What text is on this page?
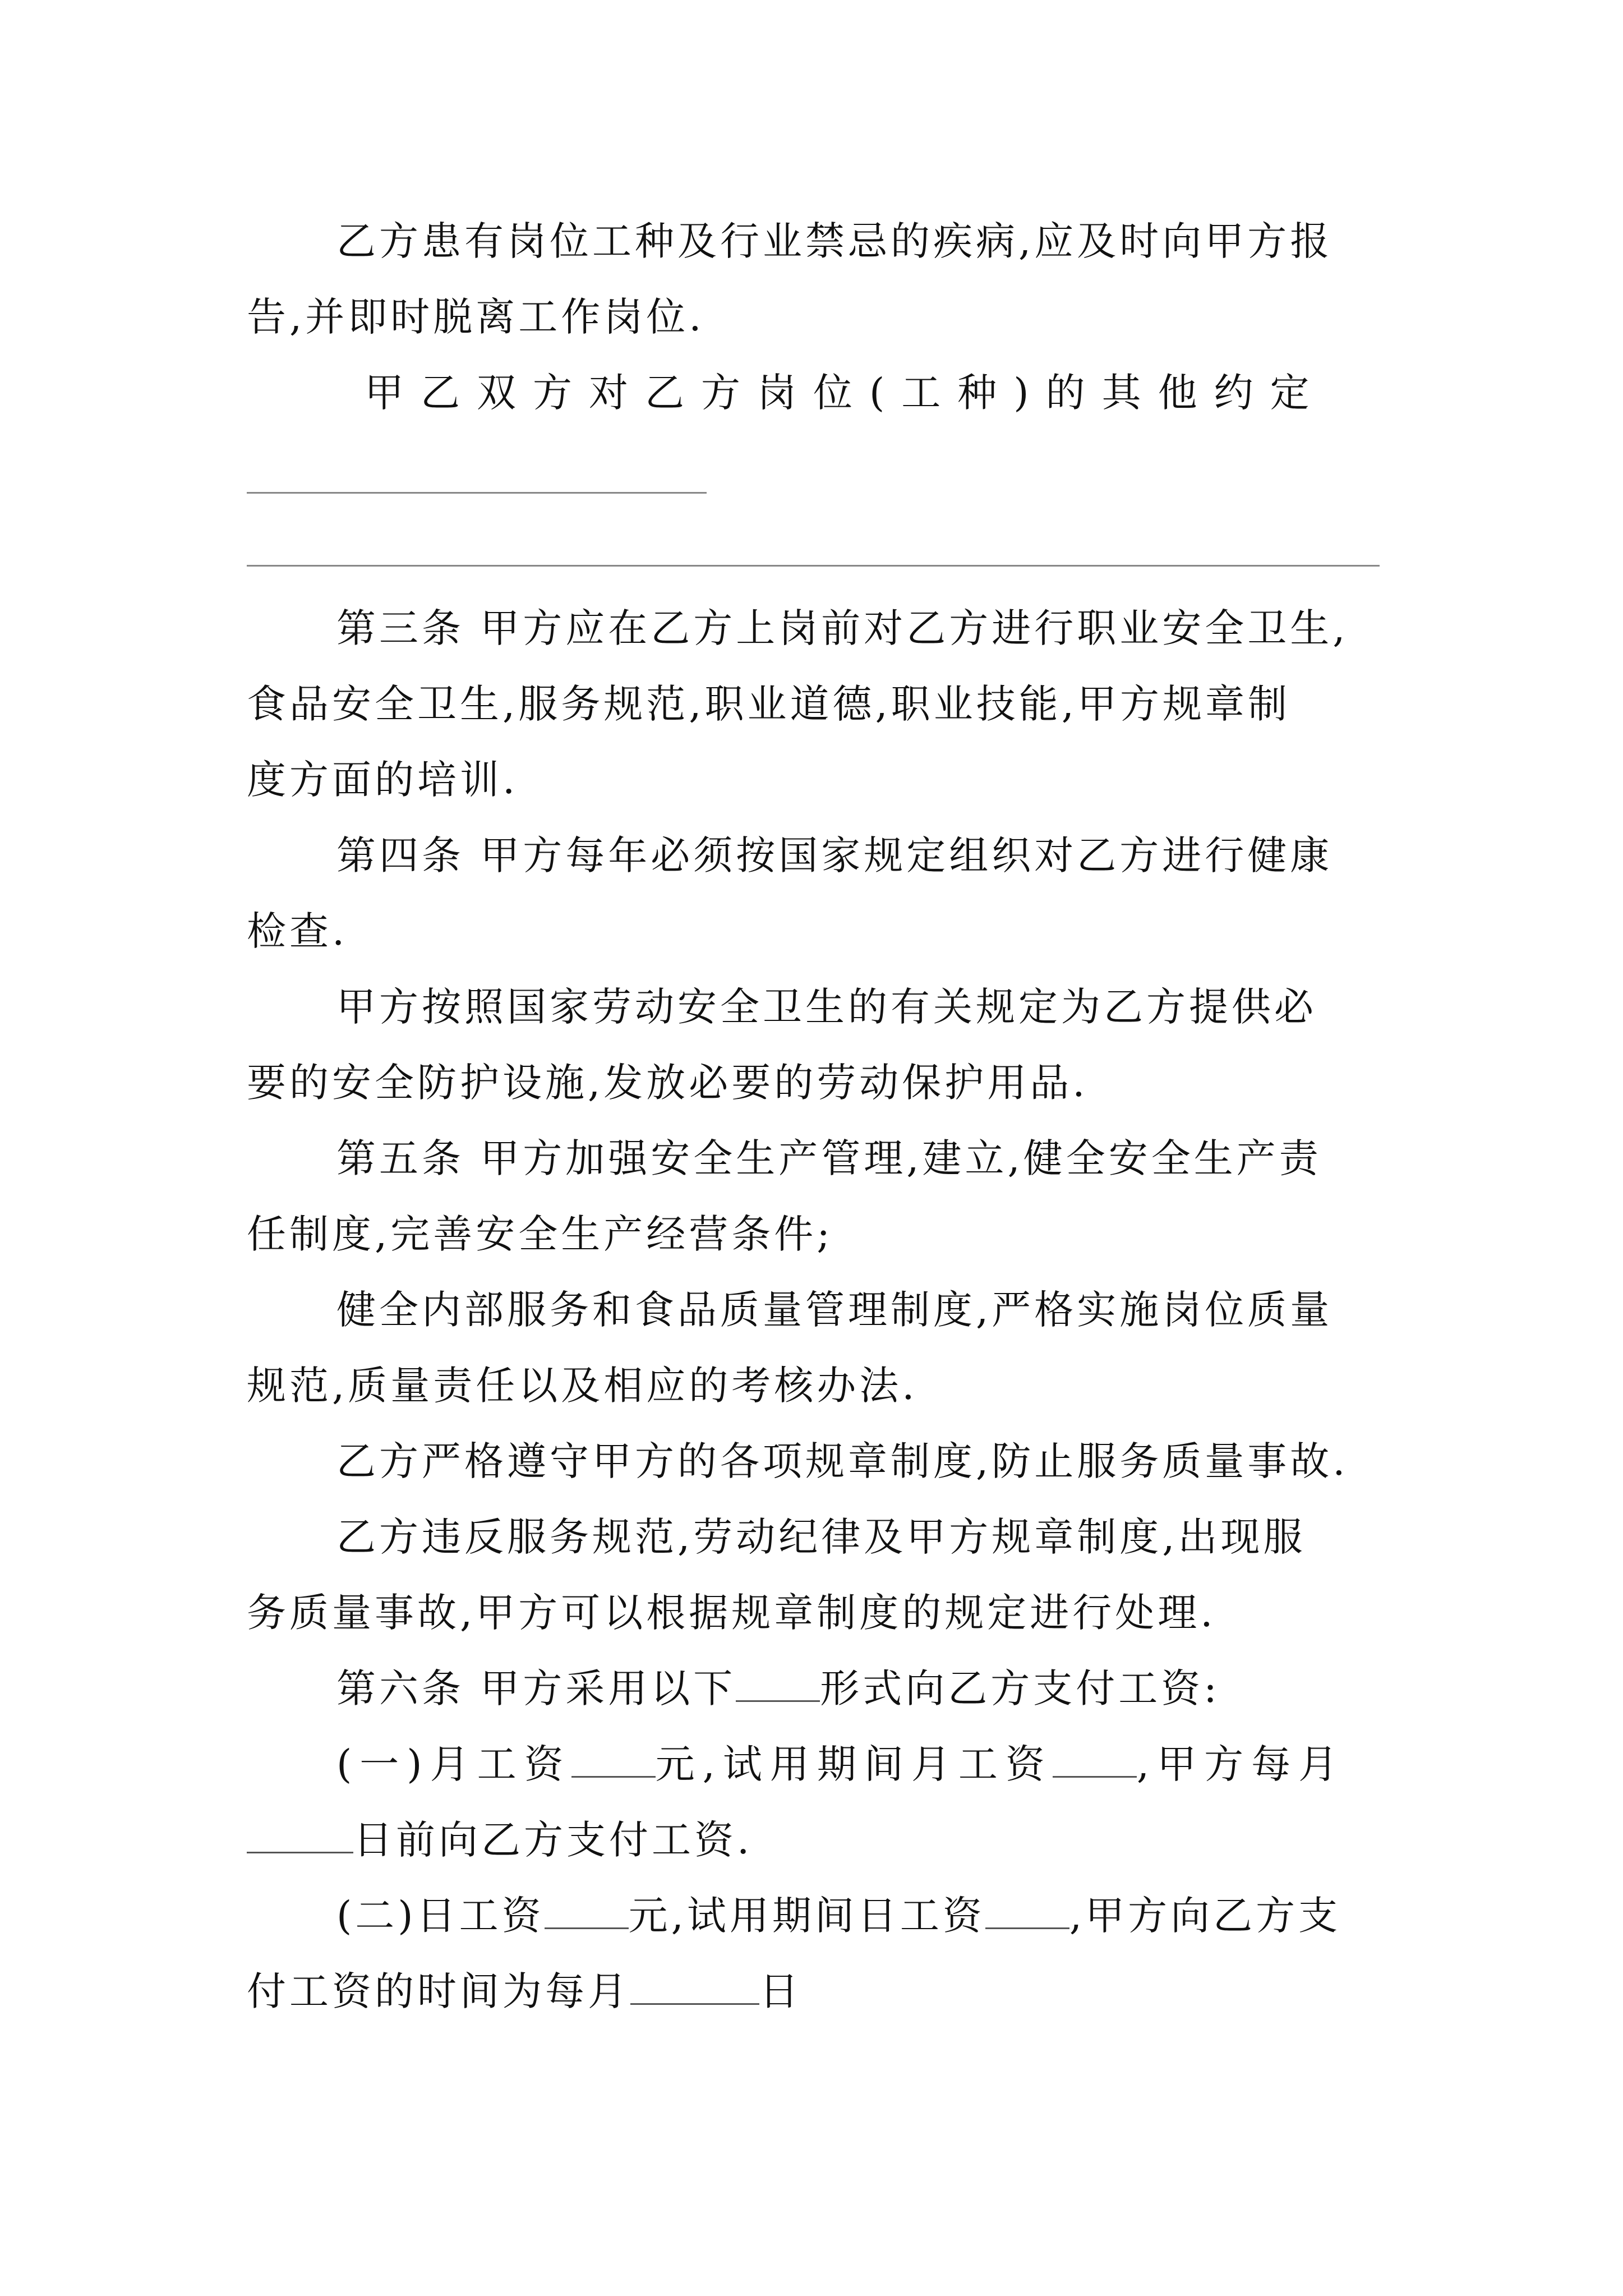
乙方患有岗位工种及行业禁忌的疾病,应及时向甲方报
告,并即时脱离工作岗位.
甲乙双方对乙方岗位(工种)的其他约定
第三条 甲方应在乙方上岗前对乙方进行职业安全卫生,
食品安全卫生,服务规范,职业道德,职业技能,甲方规章制
度方面的培训.
第四条 甲方每年必须按国家规定组织对乙方进行健康
检查.
甲方按照国家劳动安全卫生的有关规定为乙方提供必
要的安全防护设施,发放必要的劳动保护用品.
第五条 甲方加强安全生产管理,建立,健全安全生产责
任制度,完善安全生产经营条件;
健全内部服务和食品质量管理制度,严格实施岗位质量
规范,质量责任以及相应的考核办法.
乙方严格遵守甲方的各项规章制度,防止服务质量事故.
乙方违反服务规范,劳动纪律及甲方规章制度,出现服
务质量事故,甲方可以根据规章制度的规定进行处理.
第六条 甲方采用以下 形式向乙方支付工资:
(一)月工资 元,试用期间月工资 ,甲方每月
日前向乙方支付工资.
(二)日工资 元,试用期间日工资 ,甲方向乙方支
付工资的时间为每月	日
